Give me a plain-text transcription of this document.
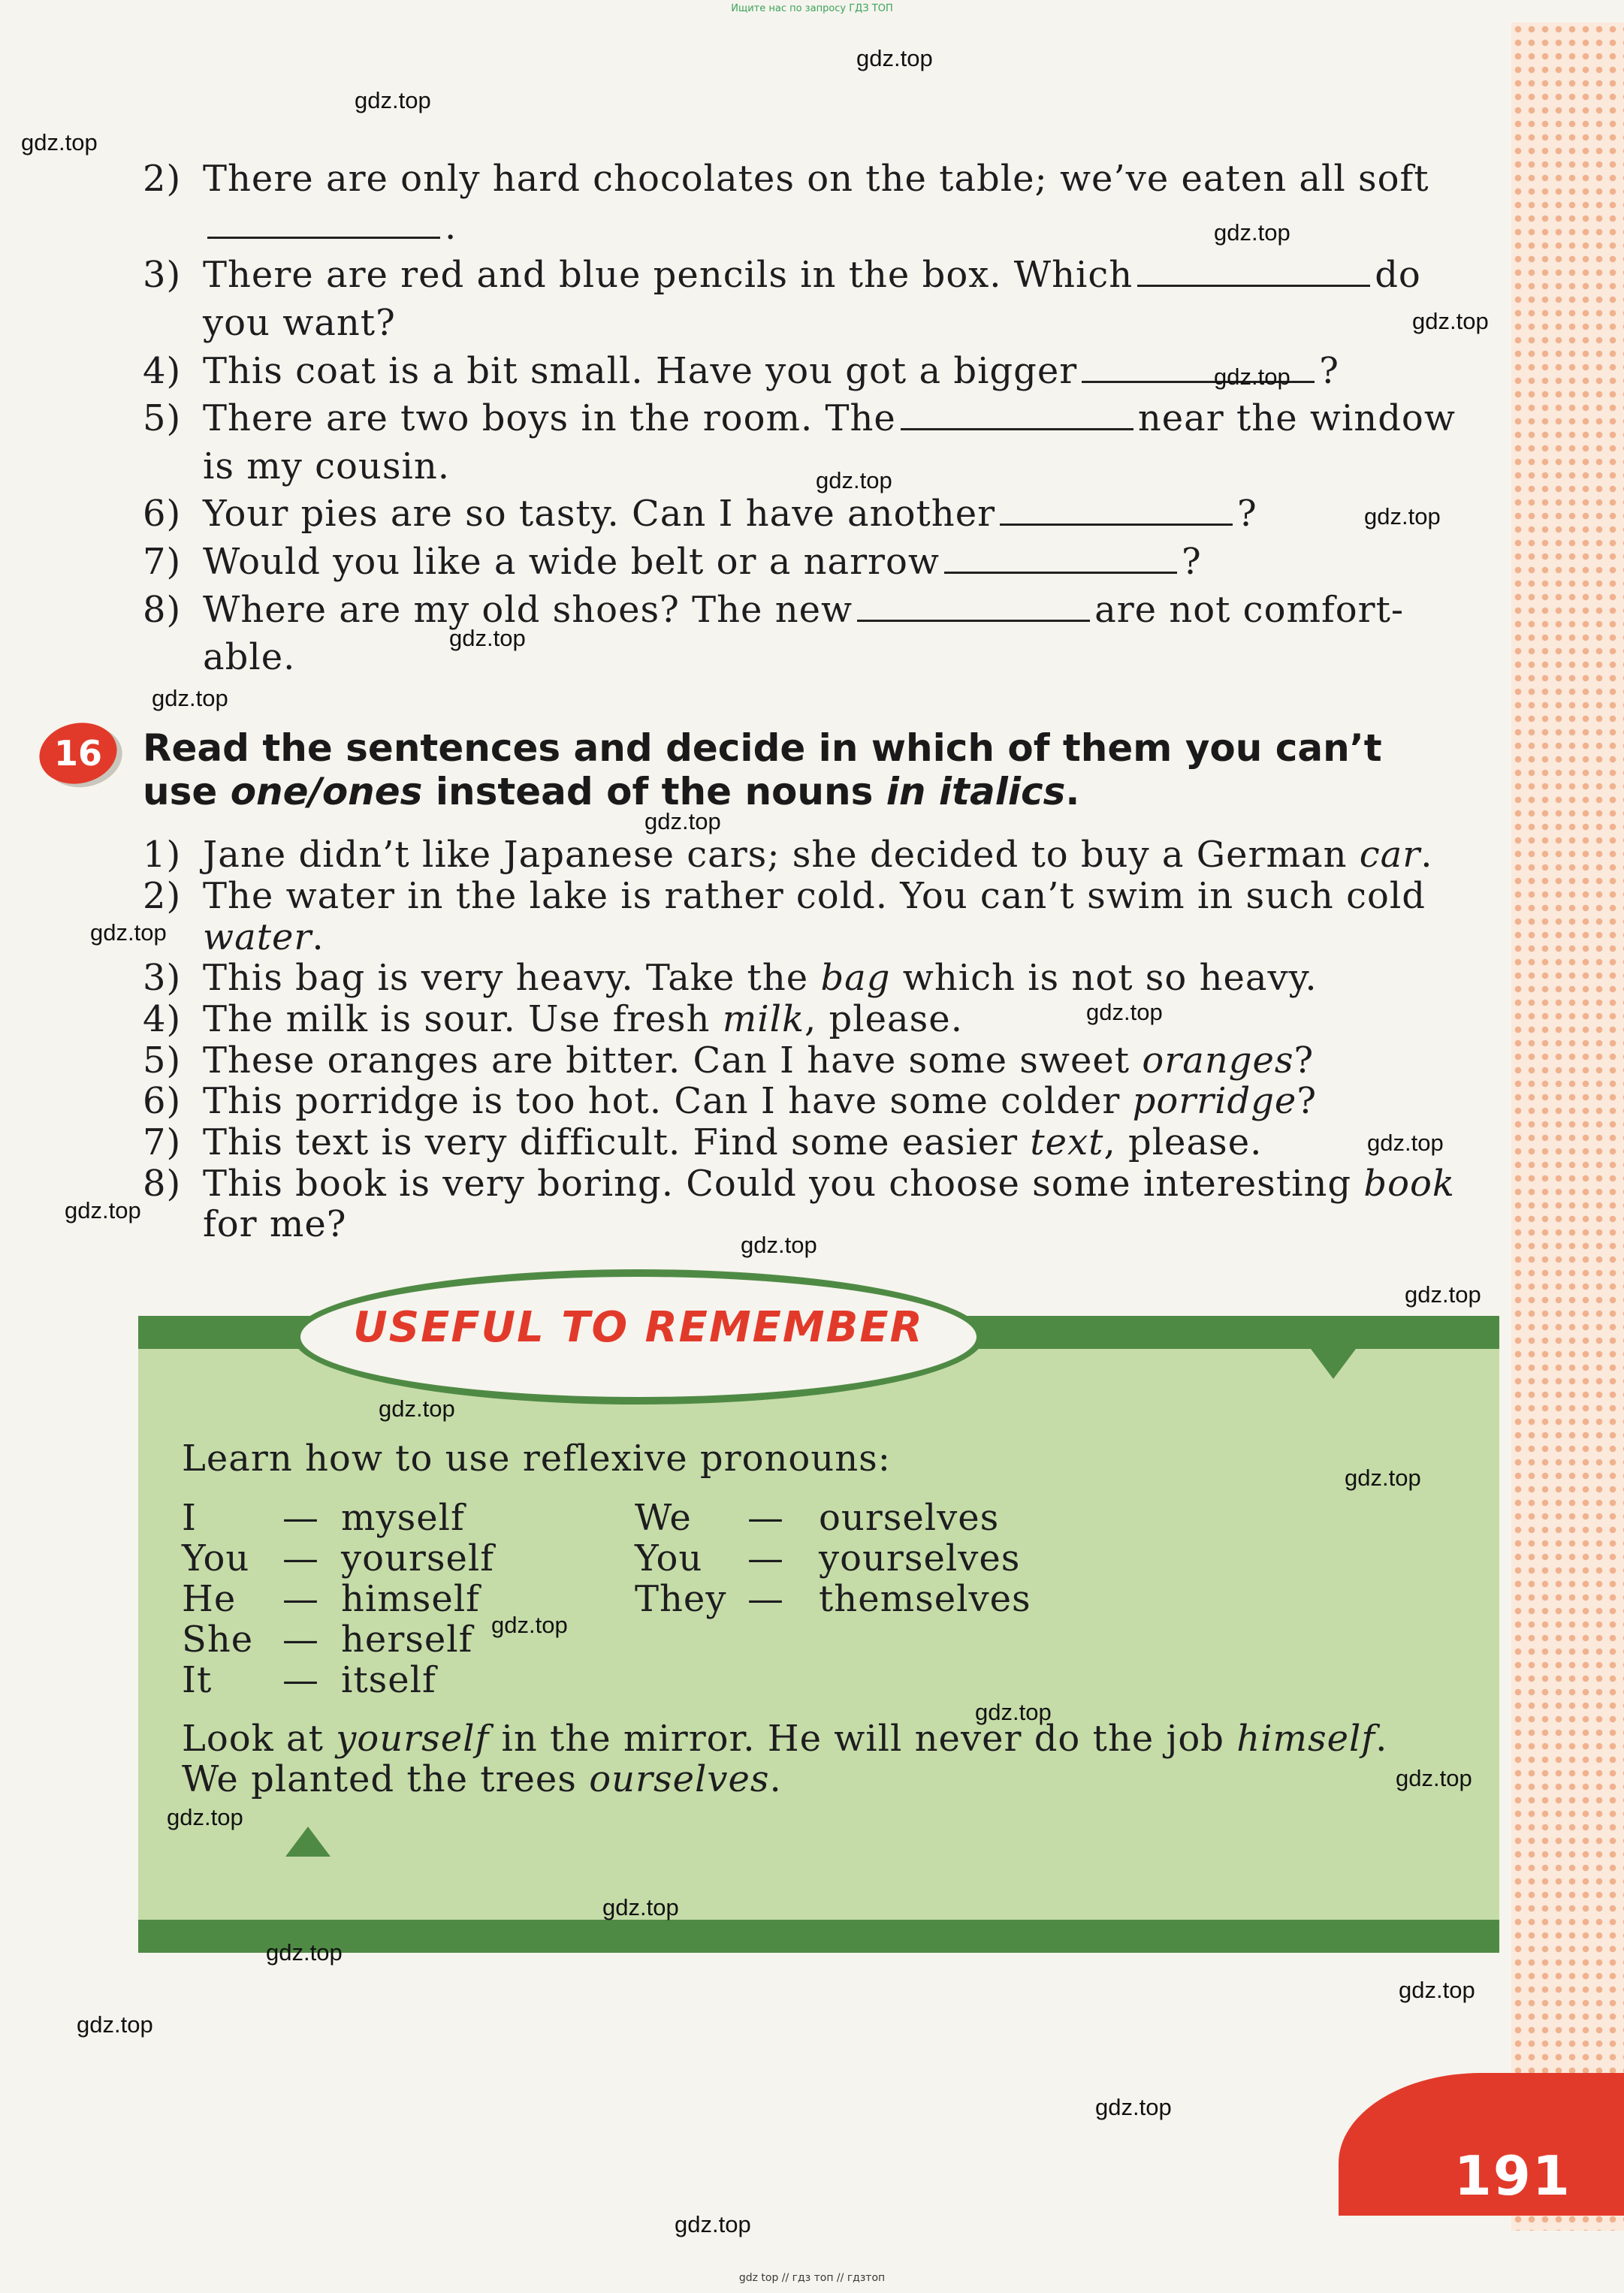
191
Ищите нас по запросу ГДЗ ТОП
gdz top // гдз топ // гдзтоп
2) There are only hard chocolates on the table; we’ve eaten all soft
.
3) There are red and blue pencils in the box. Which	do
you want?
4) This coat is a bit small. Have you got a bigger	?
5) There are two boys in the room. The	near the window
is my cousin.
6) Your pies are so tasty. Can I have another	?
7) Would you like a wide belt or a narrow	?
8) Where are my old shoes? The new	are not comfort-
able.
16	Read the sentences and decide in which of them you can’t
use one/ones instead of the nouns in italics.
1) Jane didn’t like Japanese cars; she decided to buy a German car.
2) The water in the lake is rather cold. You can’t swim in such cold
water.
3) This bag is very heavy. Take the bag which is not so heavy.
4) The milk is sour. Use fresh milk, please.
5) These oranges are bitter. Can I have some sweet oranges?
6) This porridge is too hot. Can I have some colder porridge?
7) This text is very difficult. Find some easier text, please.
8) This book is very boring. Could you choose some interesting book
for me?
USEFUL TO REMEMBER
Learn how to use reflexive pronouns:
I — myself
You — yourself
He — himself
She — herself
It — itself
We — ourselves
You — yourselves
They — themselves
Look at yourself in the mirror. He will never do the job himself.
We planted the trees ourselves.
gdz.top
gdz.top
gdz.top
gdz.top
gdz.top
gdz.top
gdz.top
gdz.top
gdz.top
gdz.top
gdz.top
gdz.top
gdz.top
gdz.top
gdz.top
gdz.top
gdz.top
gdz.top
gdz.top
gdz.top
gdz.top
gdz.top
gdz.top
gdz.top
gdz.top
gdz.top
gdz.top
gdz.top
gdz.top
